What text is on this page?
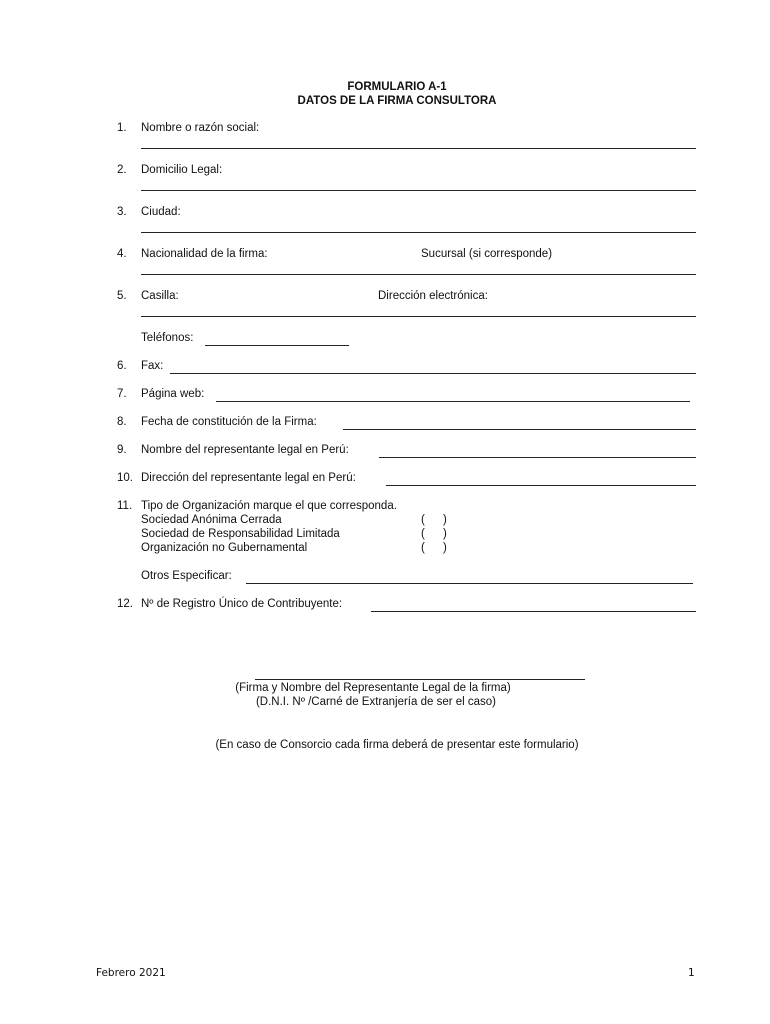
FORMULARIO A-1
DATOS DE LA FIRMA CONSULTORA
1. Nombre o razón social:
2. Domicilio Legal:
3. Ciudad:
4. Nacionalidad de la firma:	Sucursal (si corresponde)
5. Casilla:	Dirección electrónica:
Teléfonos:
6. Fax:
7. Página web:
8. Fecha de constitución de la Firma:
9. Nombre del representante legal en Perú:
10. Dirección del representante legal en Perú:
11. Tipo de Organización marque el que corresponda.
Sociedad Anónima Cerrada	( )
Sociedad de Responsabilidad Limitada	( )
Organización no Gubernamental	( )
Otros Especificar:
12. Nº de Registro Único de Contribuyente:
(Firma y Nombre del Representante Legal de la firma)
(D.N.I. Nº /Carné de Extranjería de ser el caso)
(En caso de Consorcio cada firma deberá de presentar este formulario)
Febrero 2021	1
